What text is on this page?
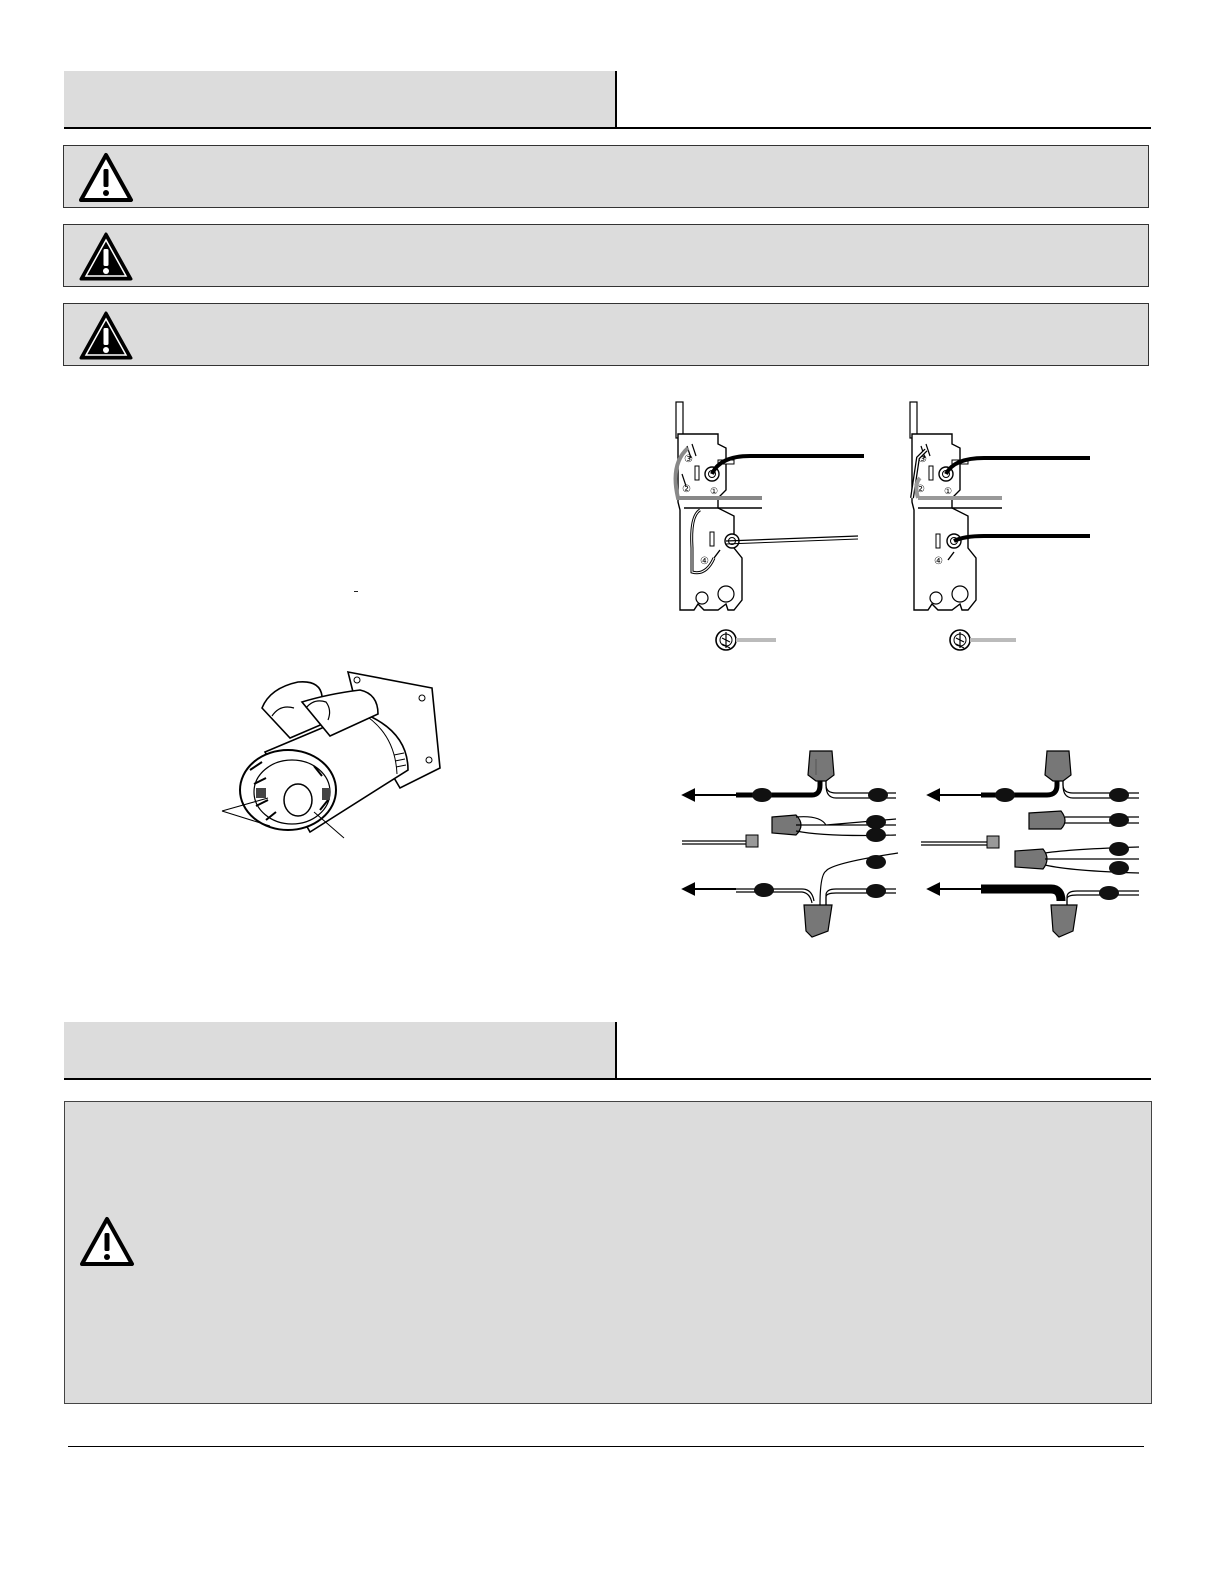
③
② ①
④
③
② ①
④
